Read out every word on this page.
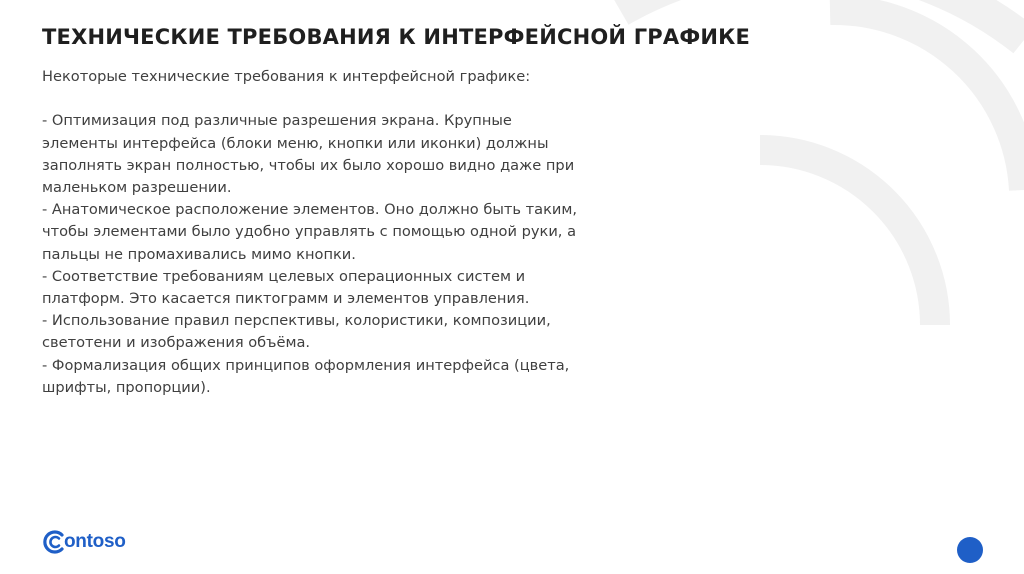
ТЕХНИЧЕСКИЕ ТРЕБОВАНИЯ К ИНТЕРФЕЙСНОЙ ГРАФИКЕ

Некоторые технические требования к интерфейсной графике:

- Оптимизация под различные разрешения экрана. Крупные элементы интерфейса (блоки меню, кнопки или иконки) должны заполнять экран полностью, чтобы их было хорошо видно даже при маленьком разрешении.

- Анатомическое расположение элементов. Оно должно быть таким, чтобы элементами было удобно управлять с помощью одной руки, а пальцы не промахивались мимо кнопки.

- Соответствие требованиям целевых операционных систем и платформ. Это касается пиктограмм и элементов управления.

- Использование правил перспективы, колористики, композиции, светотени и изображения объёма.

- Формализация общих принципов оформления интерфейса (цвета, шрифты, пропорции).

ontoso
